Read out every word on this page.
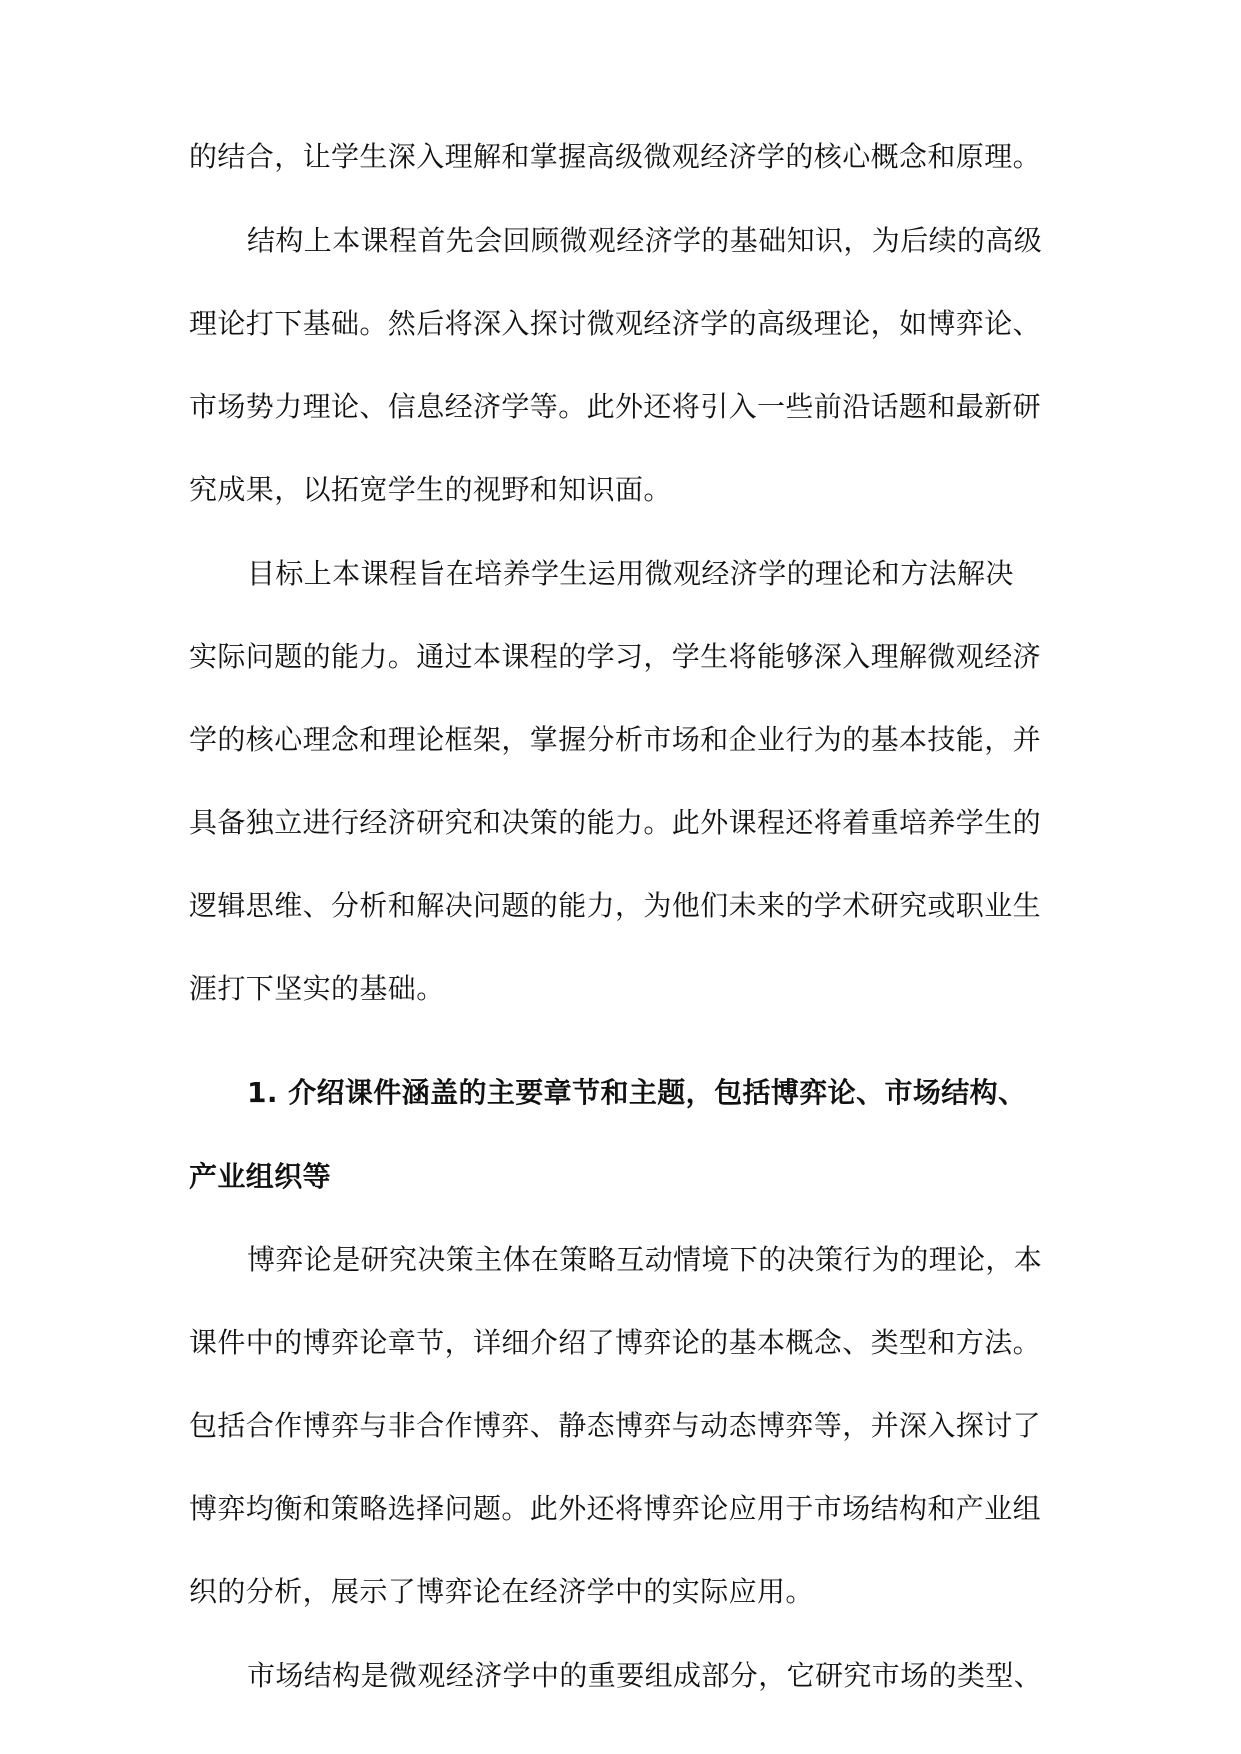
的结合，让学生深入理解和掌握高级微观经济学的核心概念和原理。

结构上本课程首先会回顾微观经济学的基础知识，为后续的高级

理论打下基础。然后将深入探讨微观经济学的高级理论，如博弈论、

市场势力理论、信息经济学等。此外还将引入一些前沿话题和最新研

究成果，以拓宽学生的视野和知识面。

目标上本课程旨在培养学生运用微观经济学的理论和方法解决

实际问题的能力。通过本课程的学习，学生将能够深入理解微观经济

学的核心理念和理论框架，掌握分析市场和企业行为的基本技能，并

具备独立进行经济研究和决策的能力。此外课程还将着重培养学生的

逻辑思维、分析和解决问题的能力，为他们未来的学术研究或职业生

涯打下坚实的基础。

1. 介绍课件涵盖的主要章节和主题，包括博弈论、市场结构、

产业组织等

博弈论是研究决策主体在策略互动情境下的决策行为的理论，本

课件中的博弈论章节，详细介绍了博弈论的基本概念、类型和方法。

包括合作博弈与非合作博弈、静态博弈与动态博弈等，并深入探讨了

博弈均衡和策略选择问题。此外还将博弈论应用于市场结构和产业组

织的分析，展示了博弈论在经济学中的实际应用。

市场结构是微观经济学中的重要组成部分，它研究市场的类型、
